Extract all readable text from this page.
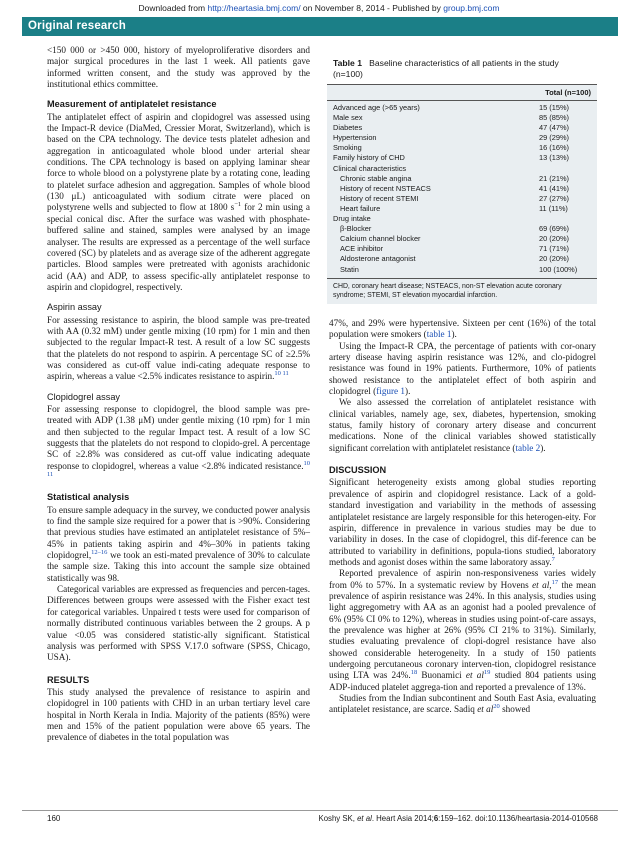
Downloaded from http://heartasia.bmj.com/ on November 8, 2014 - Published by group.bmj.com
Original research

<150 000 or >450 000, history of myeloproliferative disorders and major surgical procedures in the last 1 week. All patients gave informed written consent, and the study was approved by the institutional ethics committee.

Measurement of antiplatelet resistance

The antiplatelet effect of aspirin and clopidogrel was assessed using the Impact-R device (DiaMed, Cressier Morat, Switzerland), which is based on the CPA technology. The device tests platelet adhesion and aggregation in anticoagulated whole blood under arterial shear conditions. The CPA technology is based on applying laminar shear force to whole blood on a polystyrene plate by a rotating cone, leading to platelet surface adhesion and aggregation. Samples of whole blood (130 μL) anticoagulated with sodium citrate were placed on polystyrene wells and subjected to flow at 1800 $s^{-1}$ for 2 min using a special conical disc. After the surface was washed with phosphate-buffered saline and stained, samples were analysed by an image analyser. The results are expressed as a percentage of the well surface covered (SC) by platelets and as average size of the adherent aggregate particles. Blood samples were pretreated with agonists arachidonic acid (AA) and ADP, to assess specific-ally antiplatelet response to aspirin and clopidogrel, respectively.

Aspirin assay

For assessing resistance to aspirin, the blood sample was pre-treated with AA (0.32 mM) under gentle mixing (10 rpm) for 1 min and then subjected to the regular Impact-R test. A result of a low SC suggests that the platelets do not respond to aspirin. A percentage SC of ≥2.5% was considered as cut-off value indi-cating adequate response to aspirin, whereas a value <2.5% indicates resistance to aspirin.$^{10 11}$

Clopidogrel assay

For assessing response to clopidogrel, the blood sample was pre-treated with ADP (1.38 μM) under gentle mixing (10 rpm) for 1 min and then subjected to the regular Impact test. A result of a low SC suggests that the platelets do not respond to clopido-grel. A percentage SC of ≥2.8% was considered as cut-off value indicating adequate response to clopidogrel, whereas a value <2.8% indicated resistance.$^{10 11}$

Statistical analysis

To ensure sample adequacy in the survey, we conducted power analysis to find the sample size required for a power that is >90%. Considering that previous studies have estimated an antiplatelet resistance of 5%–45% in patients taking aspirin and 4%–30% in patients taking clopidogrel,$^{12-16}$ we took an esti-mated prevalence of 30% to calculate the sample size. Taking this into account the sample size obtained statistically was 98.

Categorical variables are expressed as frequencies and percen-tages. Differences between groups were assessed with the Fisher exact test for categorical variables. Unpaired t tests were used for comparison of normally distributed continuous variables between the 2 groups. A p value <0.05 was considered statistic-ally significant. Statistical analysis was performed with SPSS V.17.0 software (SPSS, Chicago, USA).

RESULTS

This study analysed the prevalence of resistance to aspirin and clopidogrel in 100 patients with CHD in an urban tertiary level care hospital in North Kerala in India. Majority of the patients (85%) were men and 15% of the patient population were above 65 years. The prevalence of diabetes in the total population was

Table 1 Baseline characteristics of all patients in the study (n=100)
Total (n=100)
Advanced age (>65 years)	15 (15%)
Male sex	85 (85%)
Diabetes	47 (47%)
Hypertension	29 (29%)
Smoking	16 (16%)
Family history of CHD	13 (13%)
Clinical characteristics
Chronic stable angina	21 (21%)
History of recent NSTEACS	41 (41%)
History of recent STEMI	27 (27%)
Heart failure	11 (11%)
Drug intake
β-Blocker	69 (69%)
Calcium channel blocker	20 (20%)
ACE inhibitor	71 (71%)
Aldosterone antagonist	20 (20%)
Statin	100 (100%)
CHD, coronary heart disease; NSTEACS, non-ST elevation acute coronary syndrome; STEMI, ST elevation myocardial infarction.

47%, and 29% were hypertensive. Sixteen per cent (16%) of the total population were smokers (table 1).

Using the Impact-R CPA, the percentage of patients with cor-onary artery disease having aspirin resistance was 12%, and clo-pidogrel resistance was found in 19% patients. Furthermore, 10% of patients showed resistance to the antiplatelet effect of both aspirin and clopidogrel (figure 1).

We also assessed the correlation of antiplatelet resistance with clinical variables, namely age, sex, diabetes, hypertension, smoking status, family history of coronary artery disease and concurrent medications. None of the clinical variables showed statistically significant correlation with antiplatelet resistance (table 2).

DISCUSSION

Significant heterogeneity exists among global studies reporting prevalence of aspirin and clopidogrel resistance. Lack of a gold-standard investigation and variability in the methods of assessing antiplatelet resistance are largely responsible for this heterogen-eity. For aspirin, difference in prevalence in various studies may be due to variability in doses. In the case of clopidogrel, this dif-ference can be attributed to variability in definitions, popula-tions studied, laboratory methods and agonist doses within the same laboratory assay.$^7$

Reported prevalence of aspirin non-responsiveness varies widely from 0% to 57%. In a systematic review by Hovens et al,$^{17}$ the mean prevalence of aspirin resistance was 24%. In this analysis, studies using light aggregometry with AA as an agonist had a pooled prevalence of 6% (95% CI 0% to 12%), whereas in studies using point-of-care assays, the prevalence was higher at 26% (95% CI 21% to 31%). Similarly, studies evaluating prevalence of clopi-dogrel resistance have also showed considerable heterogeneity. In a study of 150 patients undergoing percutaneous coronary interven-tion, clopidogrel resistance using LTA was 24%.$^{18}$ Buonamici et al$^{19}$ studied 804 patients using ADP-induced platelet aggrega-tion and reported a prevalence of 13%.

Studies from the Indian subcontinent and South East Asia, evaluating antiplatelet resistance, are scarce. Sadiq et al$^{20}$ showed

160	Koshy SK, et al. Heart Asia 2014;6:159–162. doi:10.1136/heartasia-2014-010568
